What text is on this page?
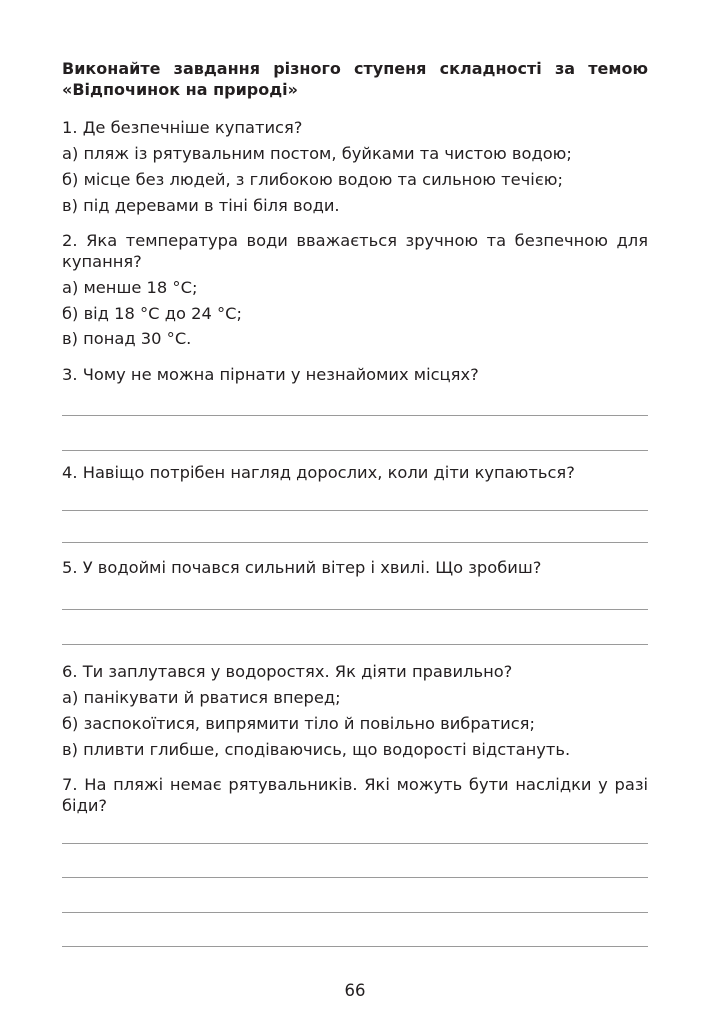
Виконайте завдання різного ступеня складності за темою «Відпочинок на природі»
1. Де безпечніше купатися?
а) пляж із рятувальним постом, буйками та чистою водою;
б) місце без людей, з глибокою водою та сильною течією;
в) під деревами в тіні біля води.
2. Яка температура води вважається зручною та безпечною для купання?
а) менше 18 °С;
б) від 18 °С до 24 °С;
в) понад 30 °С.
3. Чому не можна пірнати у незнайомих місцях?
4. Навіщо потрібен нагляд дорослих, коли діти купаються?
5. У водоймі почався сильний вітер і хвилі. Що зробиш?
6. Ти заплутався у водоростях. Як діяти правильно?
а) панікувати й рватися вперед;
б) заспокоїтися, випрямити тіло й повільно вибратися;
в) пливти глибше, сподіваючись, що водорості відстануть.
7. На пляжі немає рятувальників. Які можуть бути наслідки у разі біди?
66
